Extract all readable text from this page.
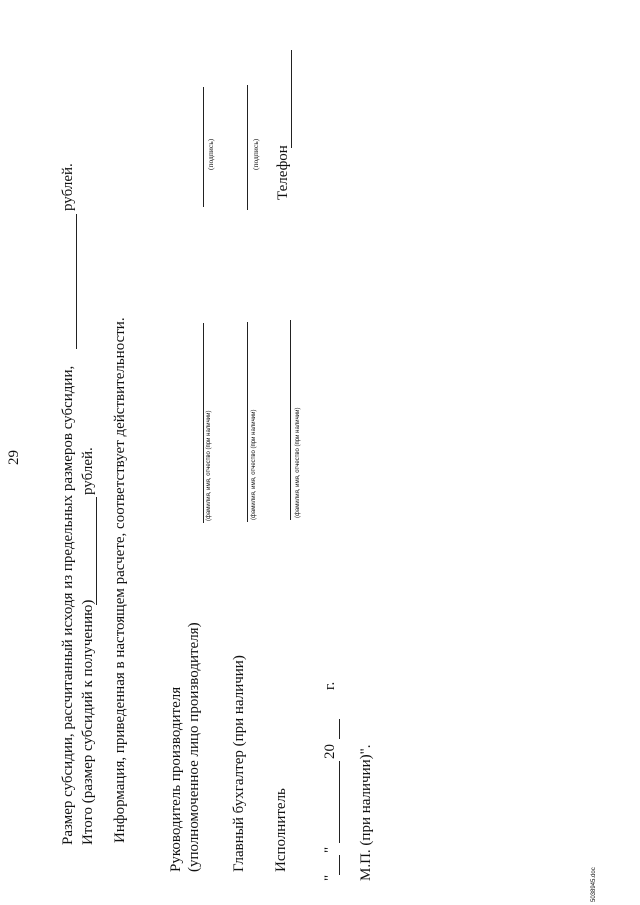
29	Размер субсидии, рассчитанный исходя из предельных размеров субсидии,
рублей.
Итого (размер субсидий к получению)
рублей. Информация, приведенная в настоящем расчете, соответствует действительности.	Руководитель производителя (уполномоченное лицо производителя)
(фамилия, имя, отчество (при наличии)
(подпись)
Главный бухгалтер (при наличии)
(фамилия, имя, отчество (при наличии)
(подпись)
Исполнитель
(фамилия, имя, отчество (при наличии)
Телефон
"
"
20
г.
М.П. (при наличии)".
5038945.doc
